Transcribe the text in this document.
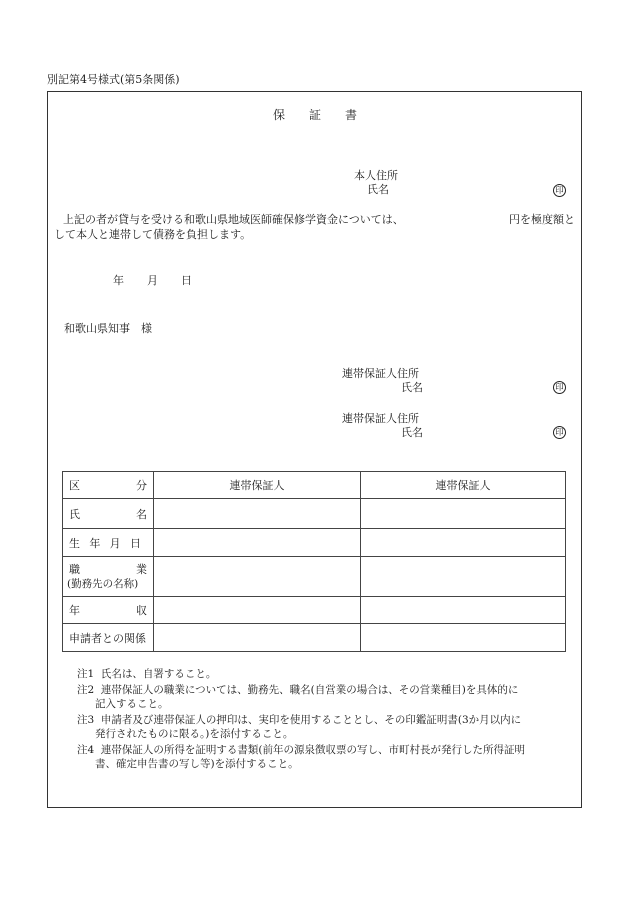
別記第4号様式(第5条関係)
保　　証　　書
本人住所
氏名	印
上記の者が貸与を受ける和歌山県地域医師確保修学資金については、	円を極度額と
して本人と連帯して債務を負担します。
年 月 日
和歌山県知事　様
連帯保証人住所
氏名	印
連帯保証人住所
氏名	印
区 分	連帯保証人	連帯保証人

氏 名		

生 年 月 日		

職 業
(勤務先の名称)		

年 収		

申請者との関係		
注1 氏名は、自署すること。
注2 連帯保証人の職業については、勤務先、職名(自営業の場合は、その営業種目)を具体的に
記入すること。
注3 申請者及び連帯保証人の押印は、実印を使用することとし、その印鑑証明書(3か月以内に
発行されたものに限る。)を添付すること。
注4 連帯保証人の所得を証明する書類(前年の源泉徴収票の写し、市町村長が発行した所得証明
書、確定申告書の写し等)を添付すること。
